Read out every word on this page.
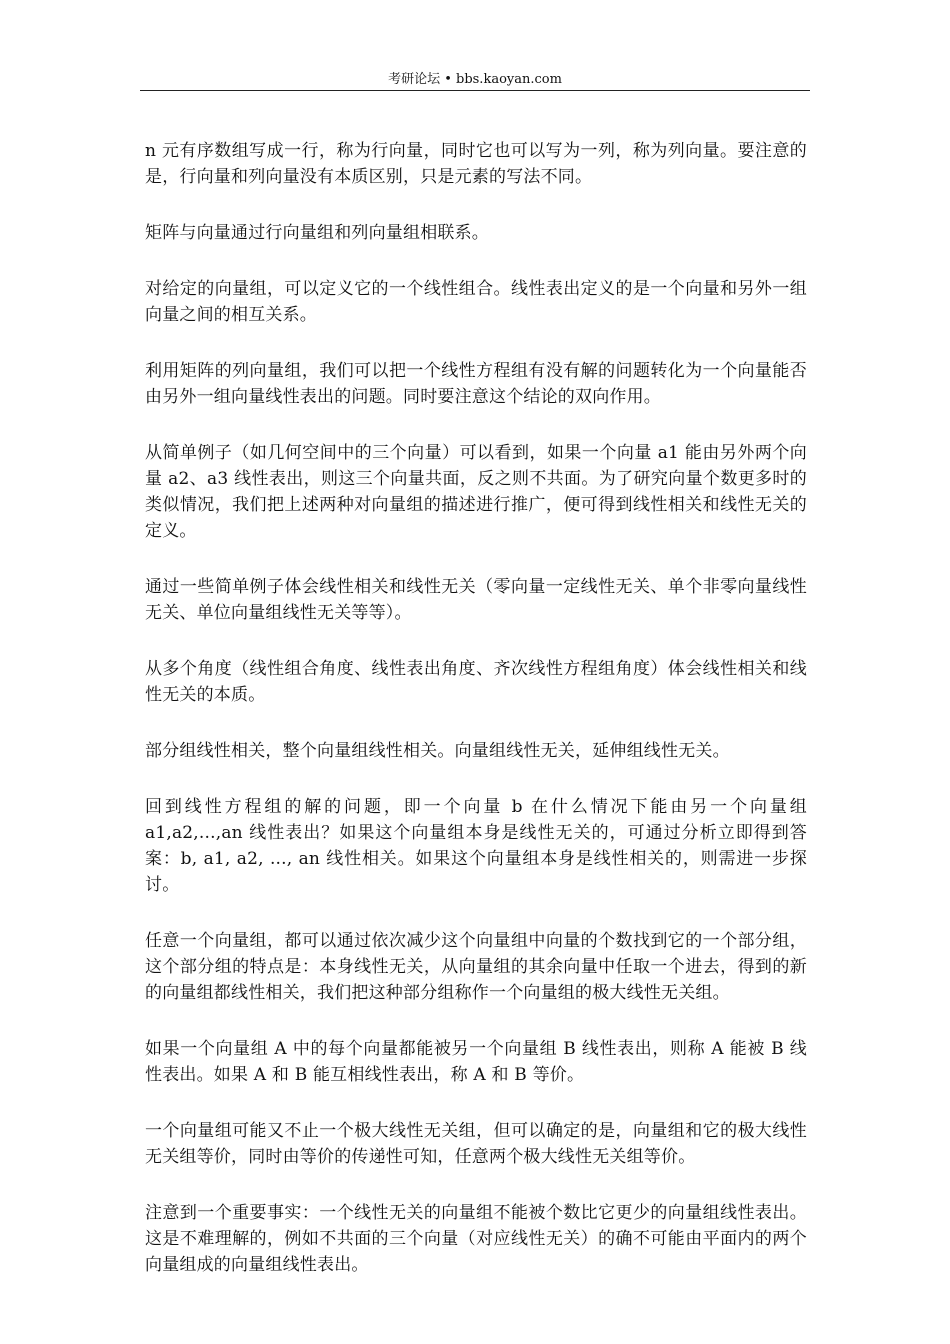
考研论坛 • bbs.kaoyan.com

n 元有序数组写成一行，称为行向量，同时它也可以写为一列，称为列向量。要注意的是，行向量和列向量没有本质区别，只是元素的写法不同。

矩阵与向量通过行向量组和列向量组相联系。

对给定的向量组，可以定义它的一个线性组合。线性表出定义的是一个向量和另外一组向量之间的相互关系。

利用矩阵的列向量组，我们可以把一个线性方程组有没有解的问题转化为一个向量能否由另外一组向量线性表出的问题。同时要注意这个结论的双向作用。

从简单例子（如几何空间中的三个向量）可以看到，如果一个向量 a1 能由另外两个向量 a2、a3 线性表出，则这三个向量共面，反之则不共面。为了研究向量个数更多时的类似情况，我们把上述两种对向量组的描述进行推广，便可得到线性相关和线性无关的定义。

通过一些简单例子体会线性相关和线性无关（零向量一定线性无关、单个非零向量线性无关、单位向量组线性无关等等）。

从多个角度（线性组合角度、线性表出角度、齐次线性方程组角度）体会线性相关和线性无关的本质。

部分组线性相关，整个向量组线性相关。向量组线性无关，延伸组线性无关。

回到线性方程组的解的问题，即一个向量 b 在什么情况下能由另一个向量组 a1,a2,...,an 线性表出？如果这个向量组本身是线性无关的，可通过分析立即得到答案：b, a1, a2, ..., an 线性相关。如果这个向量组本身是线性相关的，则需进一步探讨。

任意一个向量组，都可以通过依次减少这个向量组中向量的个数找到它的一个部分组，这个部分组的特点是：本身线性无关，从向量组的其余向量中任取一个进去，得到的新的向量组都线性相关，我们把这种部分组称作一个向量组的极大线性无关组。

如果一个向量组 A 中的每个向量都能被另一个向量组 B 线性表出，则称 A 能被 B 线性表出。如果 A 和 B 能互相线性表出，称 A 和 B 等价。

一个向量组可能又不止一个极大线性无关组，但可以确定的是，向量组和它的极大线性无关组等价，同时由等价的传递性可知，任意两个极大线性无关组等价。

注意到一个重要事实：一个线性无关的向量组不能被个数比它更少的向量组线性表出。这是不难理解的，例如不共面的三个向量（对应线性无关）的确不可能由平面内的两个向量组成的向量组线性表出。
